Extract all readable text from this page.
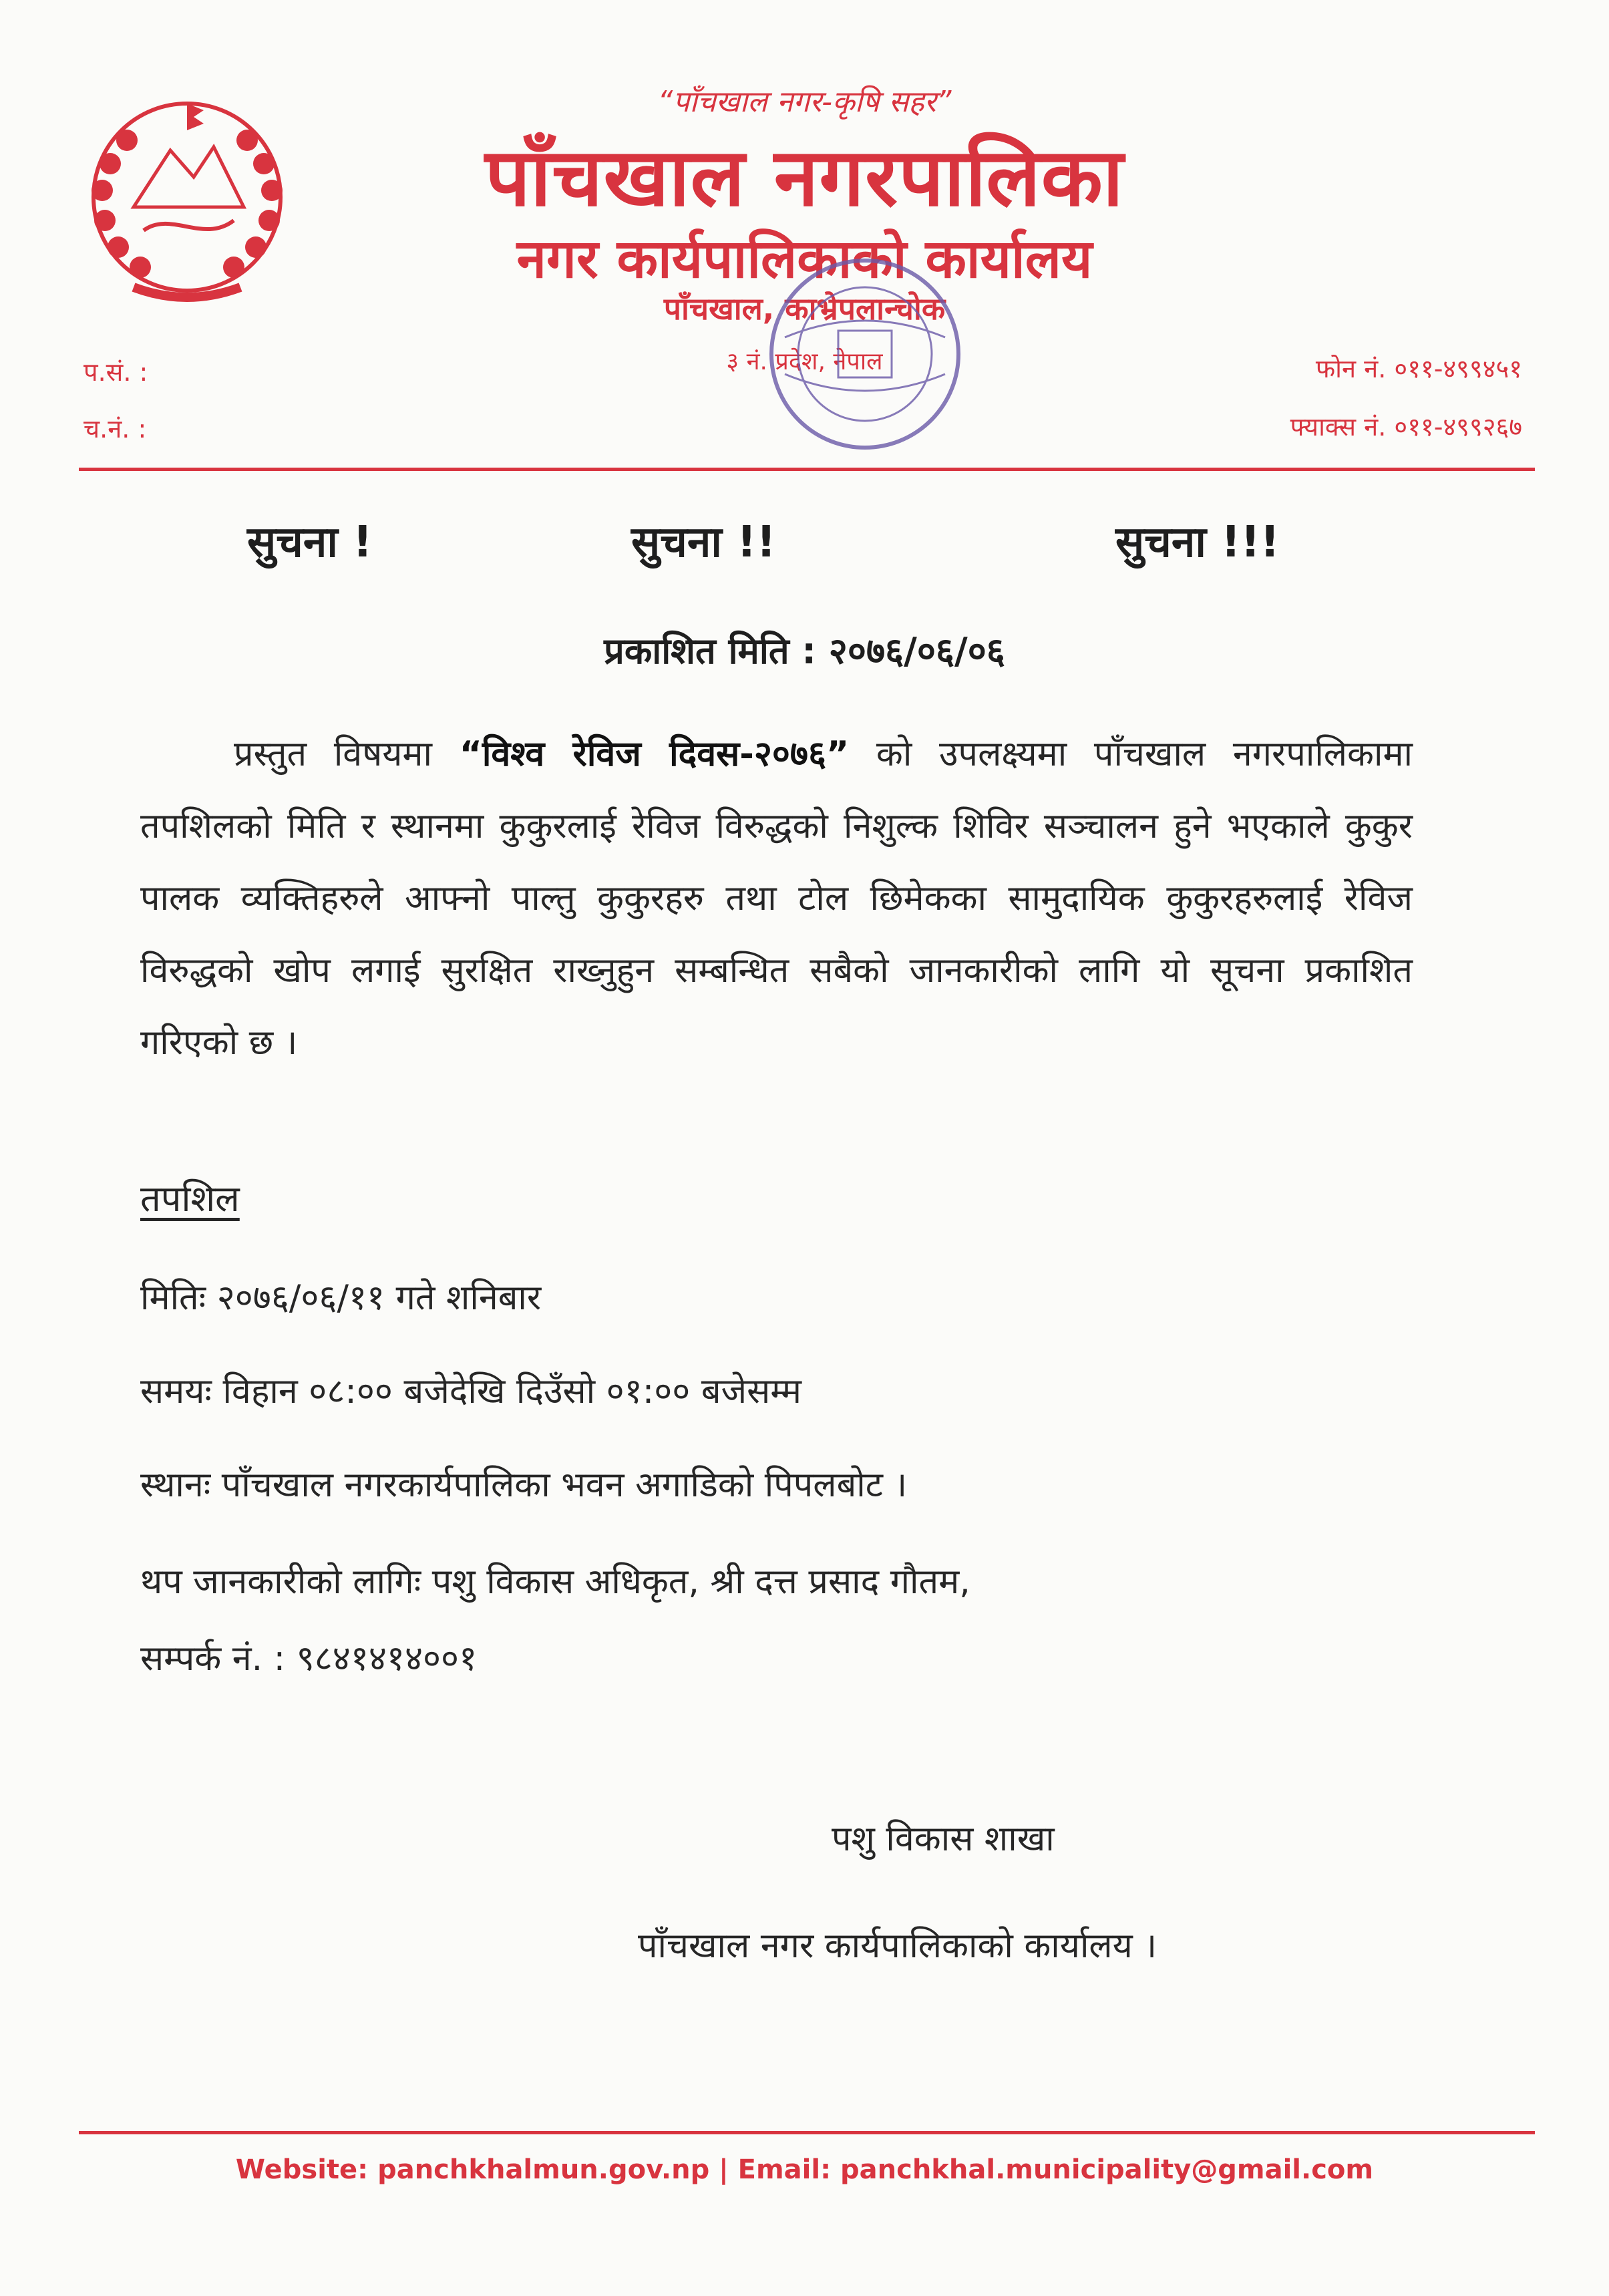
“पाँचखाल नगर-कृषि सहर”
पाँचखाल नगरपालिका
नगर कार्यपालिकाको कार्यालय
पाँचखाल, काभ्रेपलान्चोक
३ नं. प्रदेश, नेपाल
प.सं. :
च.नं. :
फोन नं. ०११-४९९४५१
फ्याक्स नं. ०११-४९९२६७
सुचना !	सुचना !!	सुचना !!!
प्रकाशित मिति : २०७६/०६/०६
प्रस्तुत विषयमा “विश्व रेविज दिवस-२०७६” को उपलक्ष्यमा पाँचखाल नगरपालिकामा तपशिलको मिति र स्थानमा कुकुरलाई रेविज विरुद्धको निशुल्क शिविर सञ्चालन हुने भएकाले कुकुर पालक व्यक्तिहरुले आफ्नो पाल्तु कुकुरहरु तथा टोल छिमेकका सामुदायिक कुकुरहरुलाई रेविज विरुद्धको खोप लगाई सुरक्षित राख्नुहुन सम्बन्धित सबैको जानकारीको लागि यो सूचना प्रकाशित गरिएको छ ।
तपशिल
मितिः २०७६/०६/११ गते शनिबार
समयः विहान ०८:०० बजेदेखि दिउँसो ०१:०० बजेसम्म
स्थानः पाँचखाल नगरकार्यपालिका भवन अगाडिको पिपलबोट ।
थप जानकारीको लागिः पशु विकास अधिकृत, श्री दत्त प्रसाद गौतम,
सम्पर्क नं. : ९८४१४१४००१
पशु विकास शाखा
पाँचखाल नगर कार्यपालिकाको कार्यालय ।
Website: panchkhalmun.gov.np | Email: panchkhal.municipality@gmail.com
